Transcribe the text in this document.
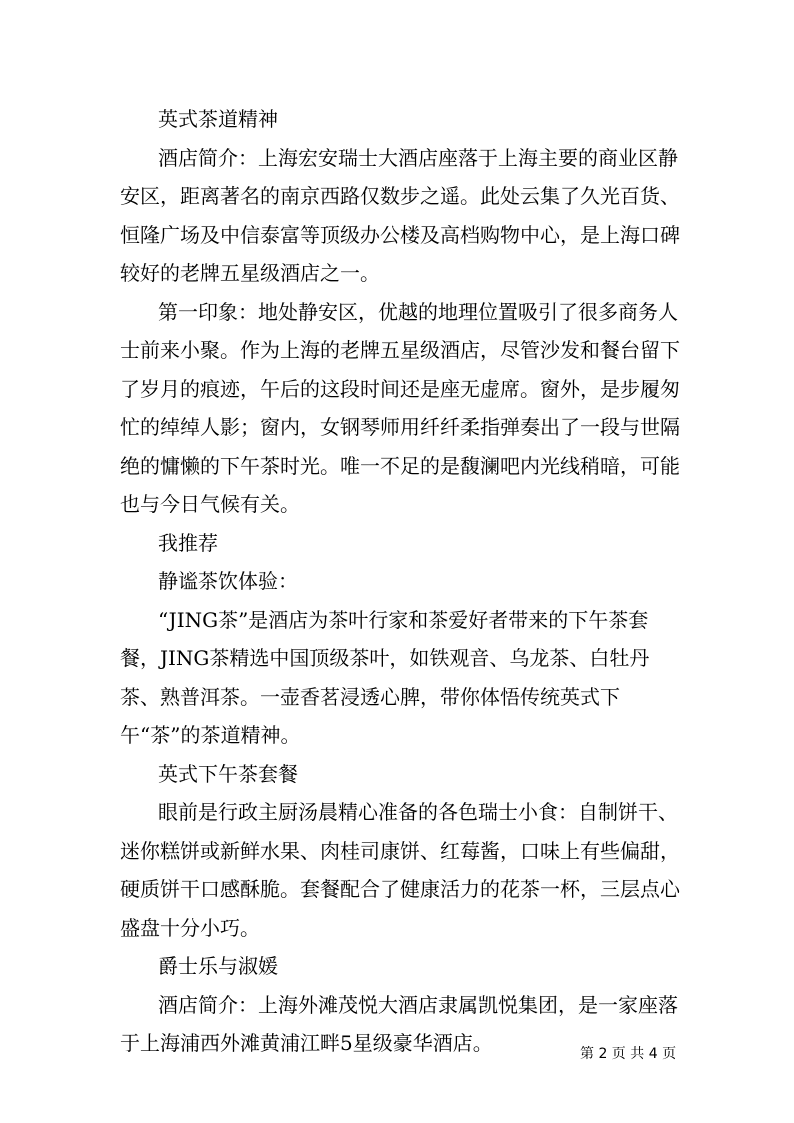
英式茶道精神

酒店简介：上海宏安瑞士大酒店座落于上海主要的商业区静安区，距离著名的南京西路仅数步之遥。此处云集了久光百货、恒隆广场及中信泰富等顶级办公楼及高档购物中心，是上海口碑较好的老牌五星级酒店之一。

第一印象：地处静安区，优越的地理位置吸引了很多商务人士前来小聚。作为上海的老牌五星级酒店，尽管沙发和餐台留下了岁月的痕迹，午后的这段时间还是座无虚席。窗外，是步履匆忙的绰绰人影；窗内，女钢琴师用纤纤柔指弹奏出了一段与世隔绝的慵懒的下午茶时光。唯一不足的是馥澜吧内光线稍暗，可能也与今日气候有关。

我推荐

静谧茶饮体验：

“JING茶”是酒店为茶叶行家和茶爱好者带来的下午茶套餐，JING茶精选中国顶级茶叶，如铁观音、乌龙茶、白牡丹茶、熟普洱茶。一壶香茗浸透心脾，带你体悟传统英式下午“茶”的茶道精神。

英式下午茶套餐

眼前是行政主厨汤晨精心准备的各色瑞士小食：自制饼干、迷你糕饼或新鲜水果、肉桂司康饼、红莓酱，口味上有些偏甜，硬质饼干口感酥脆。套餐配合了健康活力的花茶一杯，三层点心盛盘十分小巧。

爵士乐与淑媛

酒店简介：上海外滩茂悦大酒店隶属凯悦集团，是一家座落于上海浦西外滩黄浦江畔5星级豪华酒店。	第 2 页 共 4 页
